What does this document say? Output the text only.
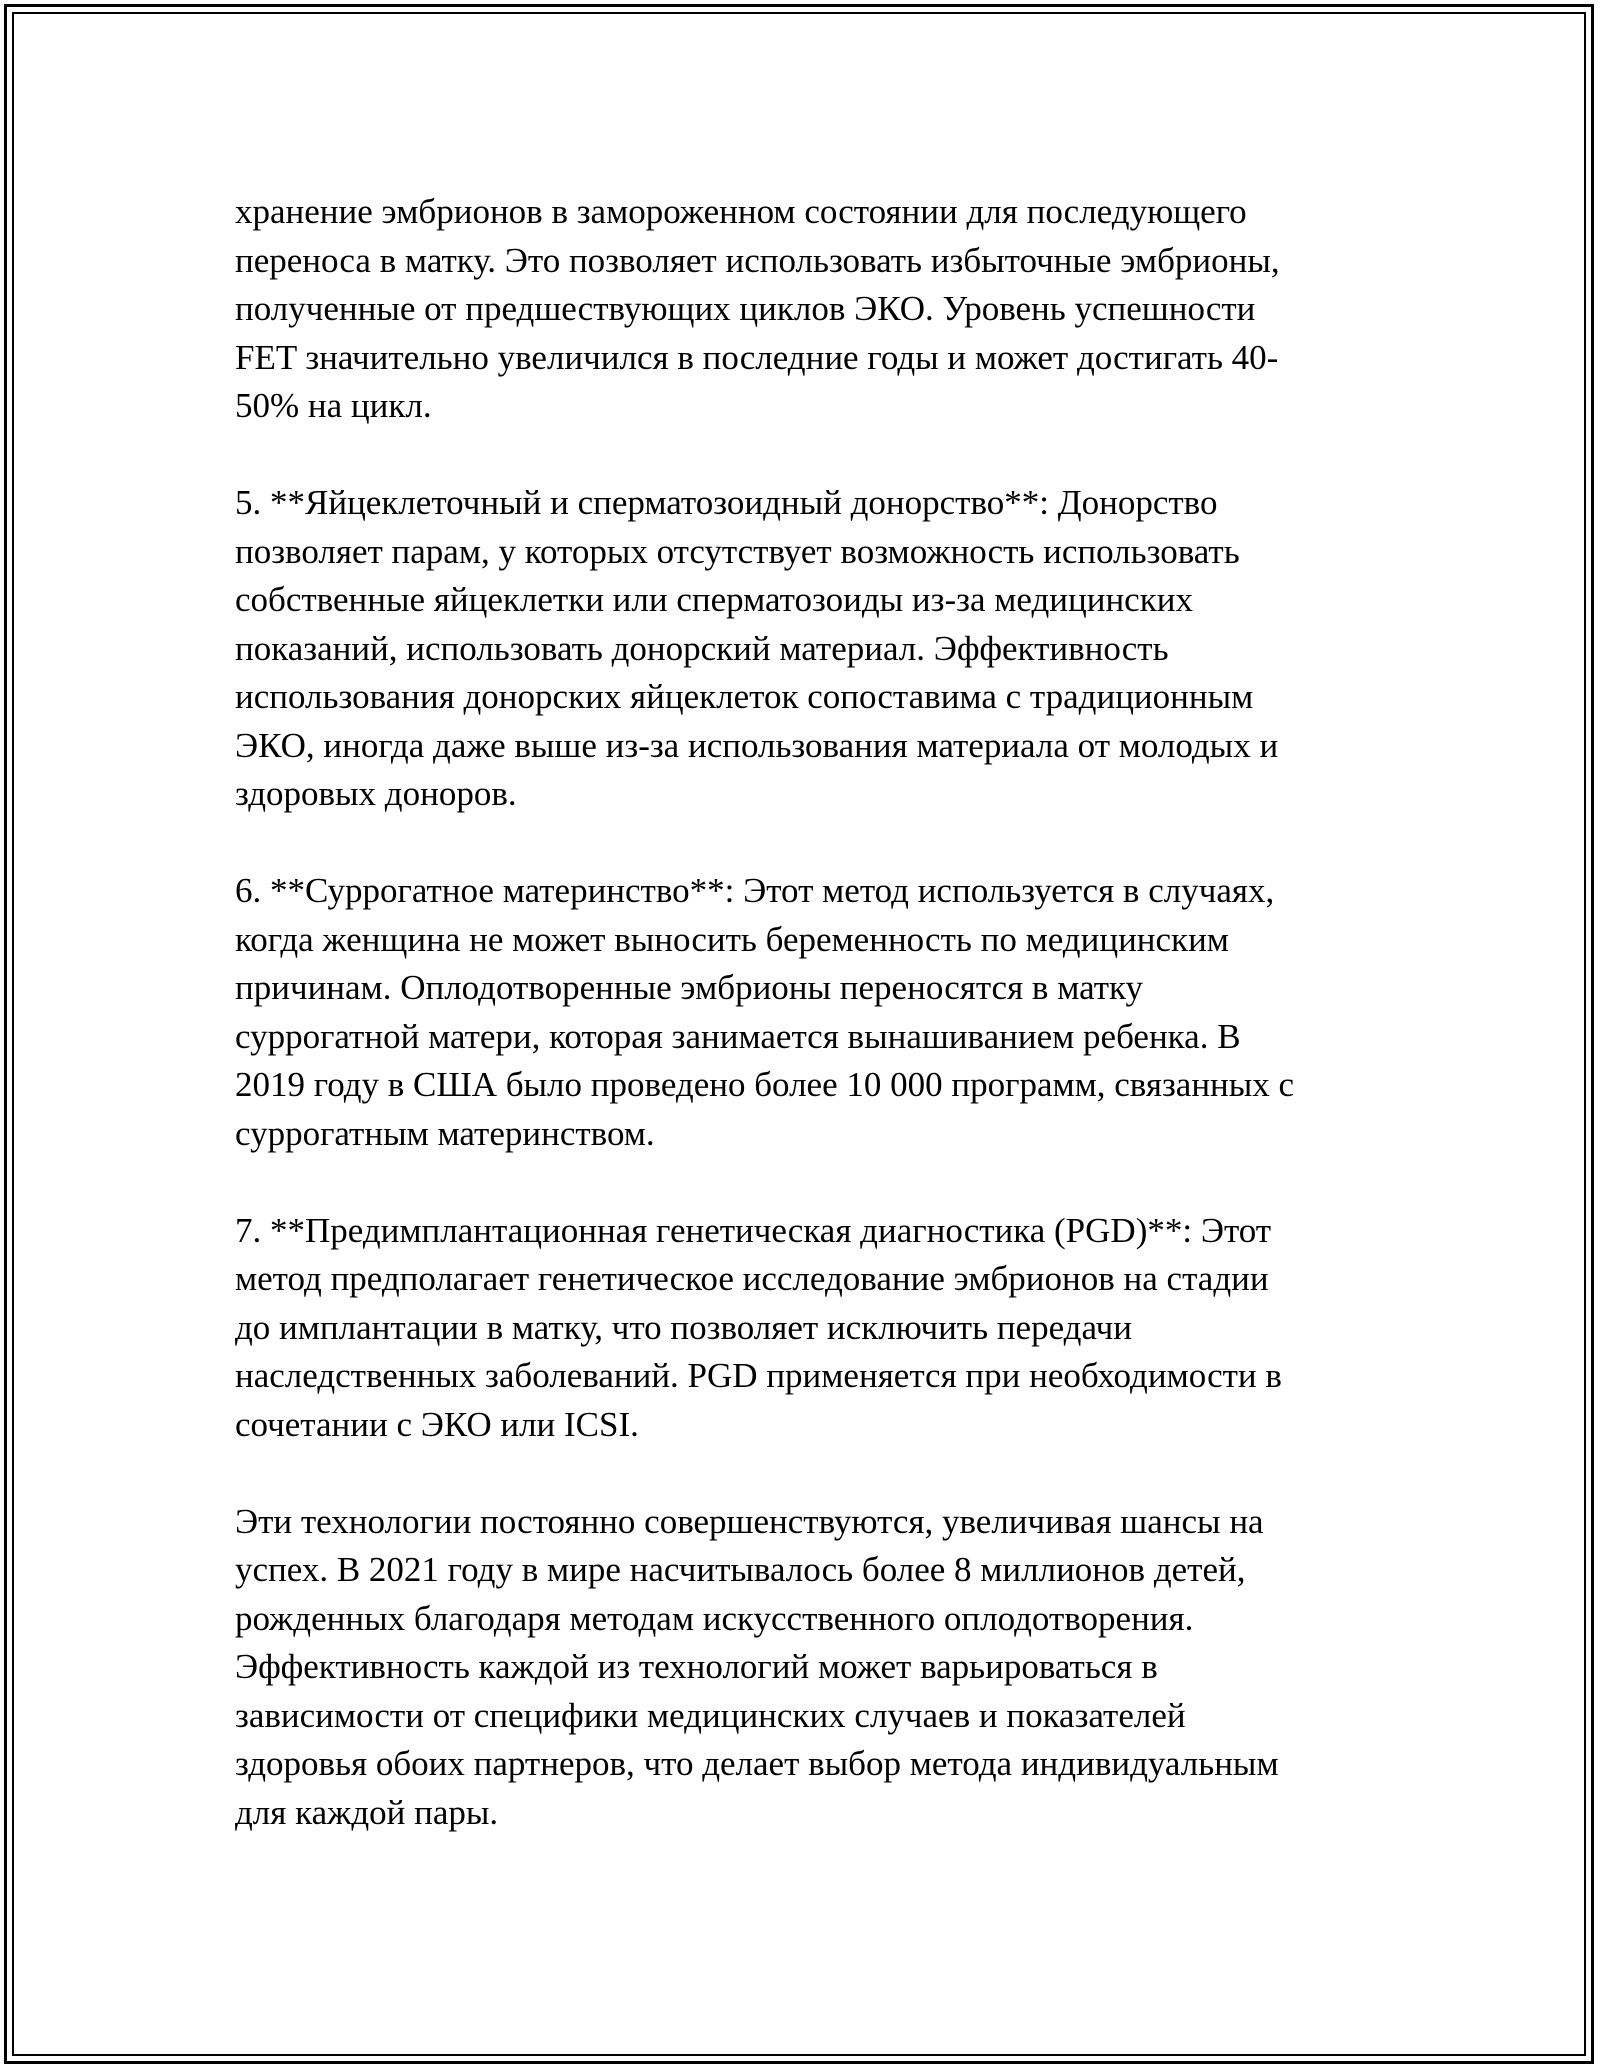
хранение эмбрионов в замороженном состоянии для последующего
переноса в матку. Это позволяет использовать избыточные эмбрионы,
полученные от предшествующих циклов ЭКО. Уровень успешности
FET значительно увеличился в последние годы и может достигать 40-
50% на цикл.

5. **Яйцеклеточный и сперматозоидный донорство**: Донорство
позволяет парам, у которых отсутствует возможность использовать
собственные яйцеклетки или сперматозоиды из-за медицинских
показаний, использовать донорский материал. Эффективность
использования донорских яйцеклеток сопоставима с традиционным
ЭКО, иногда даже выше из-за использования материала от молодых и
здоровых доноров.

6. **Суррогатное материнство**: Этот метод используется в случаях,
когда женщина не может выносить беременность по медицинским
причинам. Оплодотворенные эмбрионы переносятся в матку
суррогатной матери, которая занимается вынашиванием ребенка. В
2019 году в США было проведено более 10 000 программ, связанных с
суррогатным материнством.

7. **Предимплантационная генетическая диагностика (PGD)**: Этот
метод предполагает генетическое исследование эмбрионов на стадии
до имплантации в матку, что позволяет исключить передачи
наследственных заболеваний. PGD применяется при необходимости в
сочетании с ЭКО или ICSI.

Эти технологии постоянно совершенствуются, увеличивая шансы на
успех. В 2021 году в мире насчитывалось более 8 миллионов детей,
рожденных благодаря методам искусственного оплодотворения.
Эффективность каждой из технологий может варьироваться в
зависимости от специфики медицинских случаев и показателей
здоровья обоих партнеров, что делает выбор метода индивидуальным
для каждой пары.
